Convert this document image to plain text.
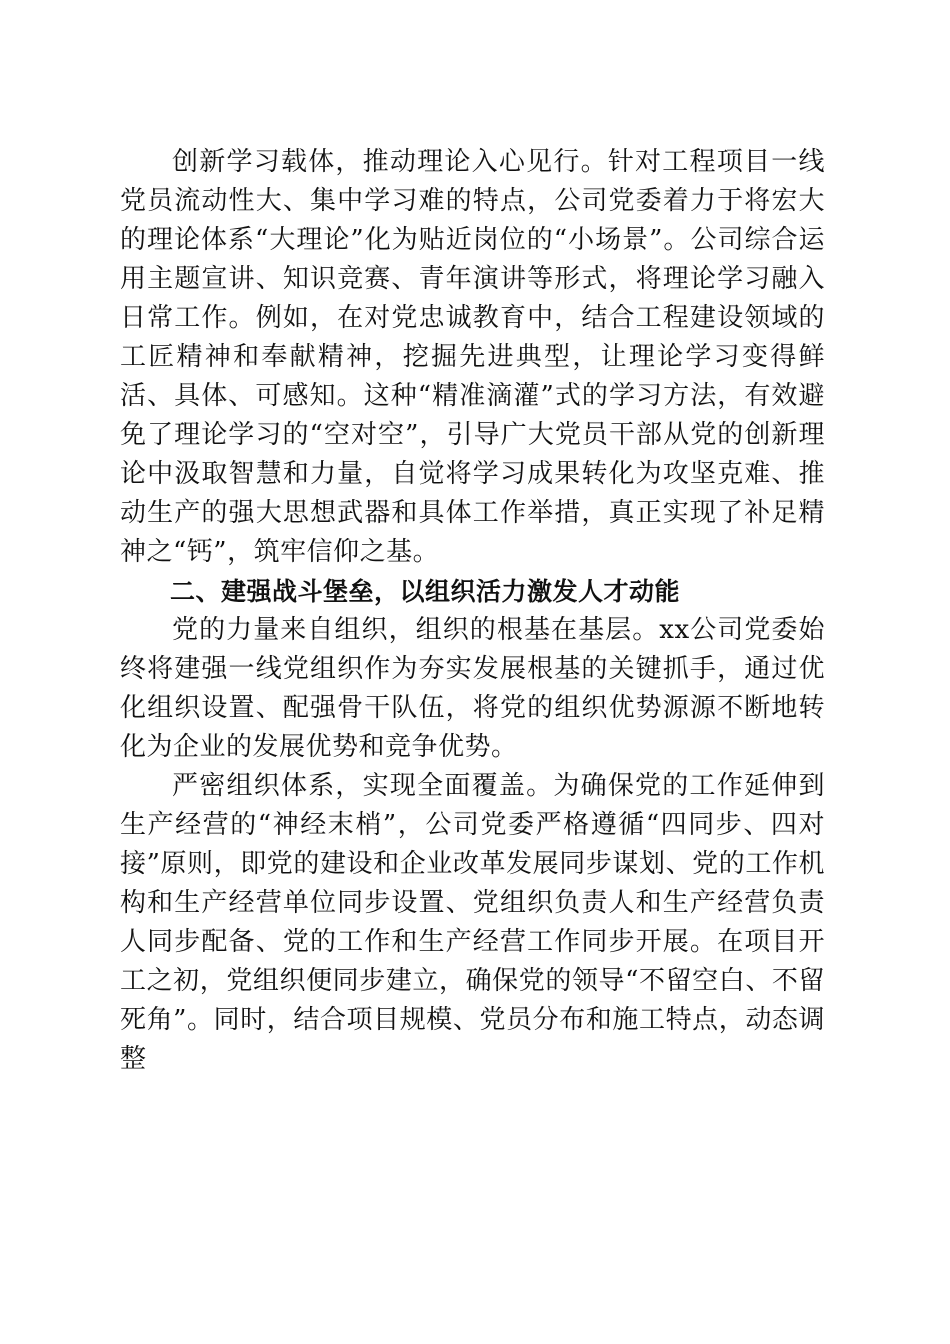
创新学习载体，推动理论入心见行。针对工程项目一线党员流动性大、集中学习难的特点，公司党委着力于将宏大的理论体系“大理论”化为贴近岗位的“小场景”。公司综合运用主题宣讲、知识竞赛、青年演讲等形式，将理论学习融入日常工作。例如，在对党忠诚教育中，结合工程建设领域的工匠精神和奉献精神，挖掘先进典型，让理论学习变得鲜活、具体、可感知。这种“精准滴灌”式的学习方法，有效避免了理论学习的“空对空”，引导广大党员干部从党的创新理论中汲取智慧和力量，自觉将学习成果转化为攻坚克难、推动生产的强大思想武器和具体工作举措，真正实现了补足精神之“钙”，筑牢信仰之基。

二、建强战斗堡垒，以组织活力激发人才动能

党的力量来自组织，组织的根基在基层。xx公司党委始终将建强一线党组织作为夯实发展根基的关键抓手，通过优化组织设置、配强骨干队伍，将党的组织优势源源不断地转化为企业的发展优势和竞争优势。

严密组织体系，实现全面覆盖。为确保党的工作延伸到生产经营的“神经末梢”，公司党委严格遵循“四同步、四对接”原则，即党的建设和企业改革发展同步谋划、党的工作机构和生产经营单位同步设置、党组织负责人和生产经营负责人同步配备、党的工作和生产经营工作同步开展。在项目开工之初，党组织便同步建立，确保党的领导“不留空白、不留死角”。同时，结合项目规模、党员分布和施工特点，动态调整
